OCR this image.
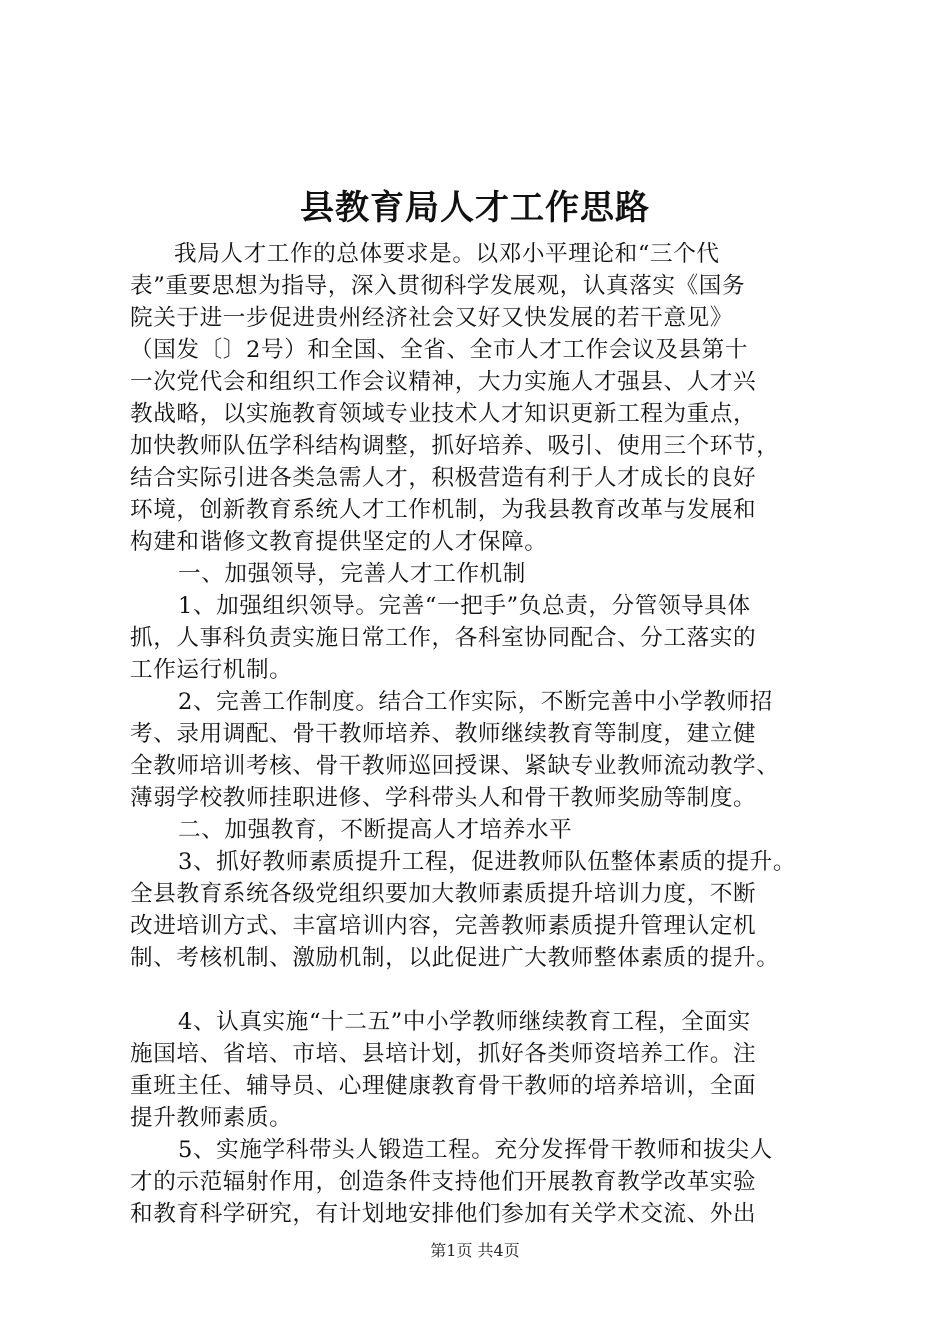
县教育局人才工作思路
我局人才工作的总体要求是。以邓小平理论和“三个代
表”重要思想为指导，深入贯彻科学发展观，认真落实《国务
院关于进一步促进贵州经济社会又好又快发展的若干意见》
（国发〔〕2号）和全国、全省、全市人才工作会议及县第十
一次党代会和组织工作会议精神，大力实施人才强县、人才兴
教战略，以实施教育领域专业技术人才知识更新工程为重点，
加快教师队伍学科结构调整，抓好培养、吸引、使用三个环节，
结合实际引进各类急需人才，积极营造有利于人才成长的良好
环境，创新教育系统人才工作机制，为我县教育改革与发展和
构建和谐修文教育提供坚定的人才保障。
一、加强领导，完善人才工作机制
1、加强组织领导。完善“一把手”负总责，分管领导具体
抓，人事科负责实施日常工作，各科室协同配合、分工落实的
工作运行机制。
2、完善工作制度。结合工作实际，不断完善中小学教师招
考、录用调配、骨干教师培养、教师继续教育等制度，建立健
全教师培训考核、骨干教师巡回授课、紧缺专业教师流动教学、
薄弱学校教师挂职进修、学科带头人和骨干教师奖励等制度。
二、加强教育，不断提高人才培养水平
3、抓好教师素质提升工程，促进教师队伍整体素质的提升。
全县教育系统各级党组织要加大教师素质提升培训力度，不断
改进培训方式、丰富培训内容，完善教师素质提升管理认定机
制、考核机制、激励机制，以此促进广大教师整体素质的提升。
4、认真实施“十二五”中小学教师继续教育工程，全面实
施国培、省培、市培、县培计划，抓好各类师资培养工作。注
重班主任、辅导员、心理健康教育骨干教师的培养培训，全面
提升教师素质。
5、实施学科带头人锻造工程。充分发挥骨干教师和拔尖人
才的示范辐射作用，创造条件支持他们开展教育教学改革实验
和教育科学研究，有计划地安排他们参加有关学术交流、外出
第1页 共4页
